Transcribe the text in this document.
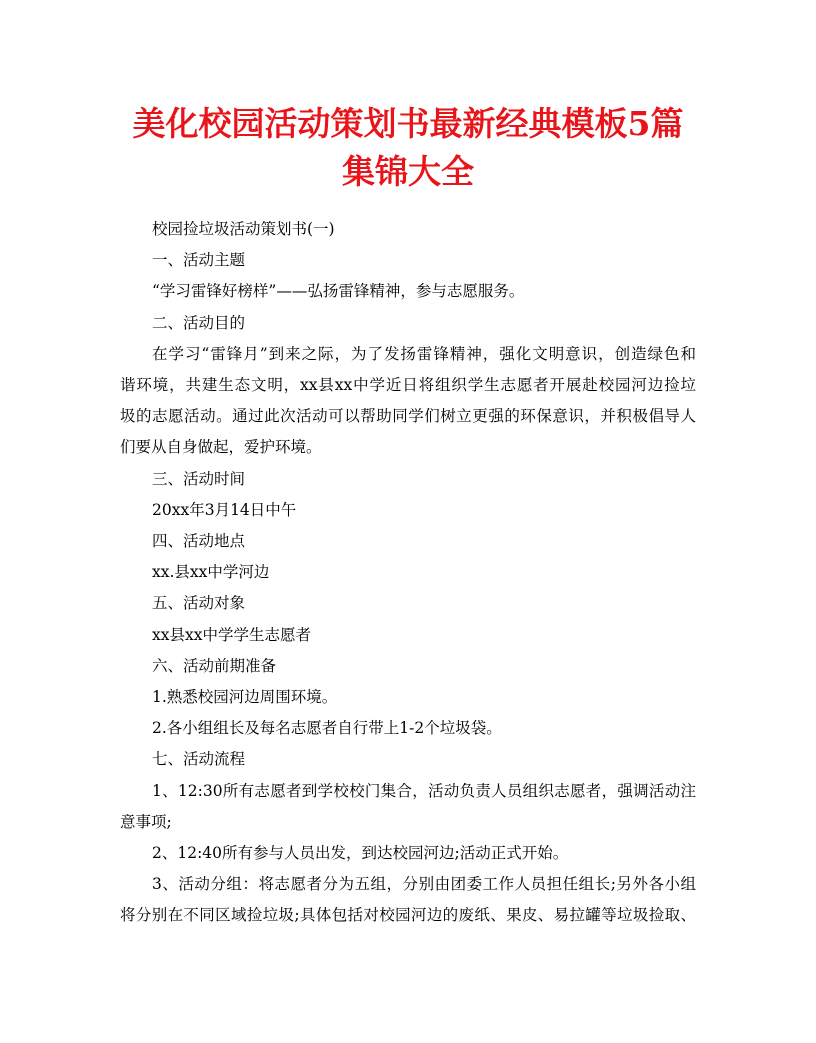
美化校园活动策划书最新经典模板5篇
集锦大全

校园捡垃圾活动策划书(一)

一、活动主题

“学习雷锋好榜样”——弘扬雷锋精神，参与志愿服务。

二、活动目的

在学习“雷锋月”到来之际，为了发扬雷锋精神，强化文明意识，创造绿色和

谐环境，共建生态文明，xx县xx中学近日将组织学生志愿者开展赴校园河边捡垃

圾的志愿活动。通过此次活动可以帮助同学们树立更强的环保意识，并积极倡导人

们要从自身做起，爱护环境。

三、活动时间

20xx年3月14日中午

四、活动地点

xx.县xx中学河边

五、活动对象

xx县xx中学学生志愿者

六、活动前期准备

1.熟悉校园河边周围环境。

2.各小组组长及每名志愿者自行带上1-2个垃圾袋。

七、活动流程

1、12:30所有志愿者到学校校门集合，活动负责人员组织志愿者，强调活动注

意事项;

2、12:40所有参与人员出发，到达校园河边;活动正式开始。

3、活动分组：将志愿者分为五组，分别由团委工作人员担任组长;另外各小组

将分别在不同区域捡垃圾;具体包括对校园河边的废纸、果皮、易拉罐等垃圾捡取、
